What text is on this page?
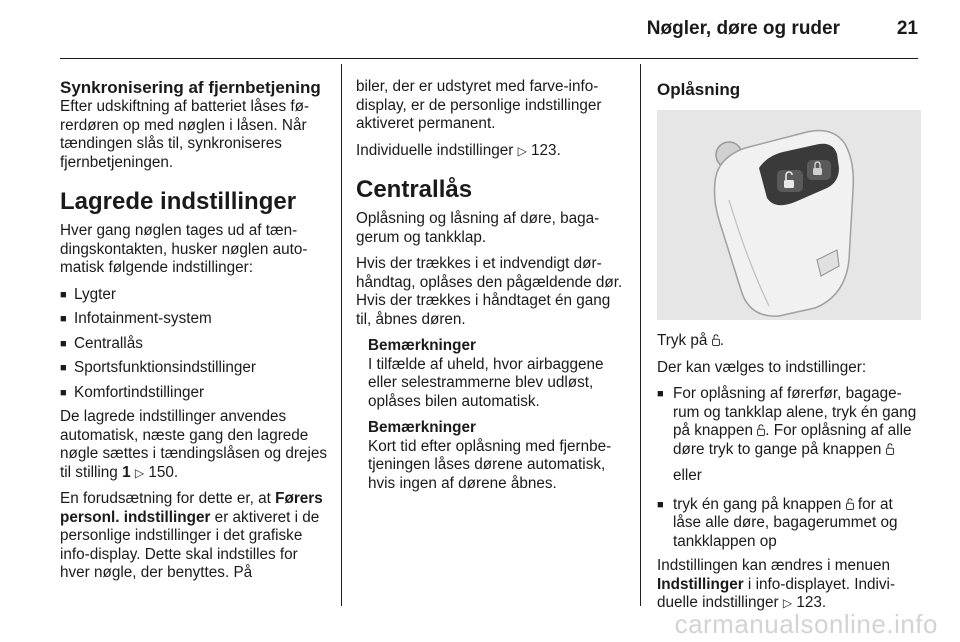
Nøgler, døre og ruder	21
Synkronisering af fjernbetjening

Efter udskiftning af batteriet låses førerdøren op med nøglen i låsen. Når tændingen slås til, synkroniseres fjernbetjeningen.

Lagrede indstillinger

Hver gang nøglen tages ud af tændingskontakten, husker nøglen automatisk følgende indstillinger:

■ Lygter
■ Infotainment-system
■ Centrallås
■ Sportsfunktionsindstillinger
■ Komfortindstillinger

De lagrede indstillinger anvendes automatisk, næste gang den lagrede nøgle sættes i tændingslåsen og drejes til stilling 1 ▷ 150.

En forudsætning for dette er, at Førers personl. indstillinger er aktiveret i de personlige indstillinger i det grafiske info-display. Dette skal indstilles for hver nøgle, der benyttes. På

biler, der er udstyret med farve-info-display, er de personlige indstillinger aktiveret permanent.

Individuelle indstillinger ▷ 123.

Centrallås

Oplåsning og låsning af døre, bagagerum og tankklap.

Hvis der trækkes i et indvendigt dørhåndtag, oplåses den pågældende dør. Hvis der trækkes i håndtaget én gang til, åbnes døren.

Bemærkninger
I tilfælde af uheld, hvor airbaggene eller selestrammerne blev udløst, oplåses bilen automatisk.
Bemærkninger
Kort tid efter oplåsning med fjernbetjeningen låses dørene automatisk, hvis ingen af dørene åbnes.
Oplåsning

Tryk på .

Der kan vælges to indstillinger:

■ For oplåsning af førerfør, bagagerum og tankklap alene, tryk én gang på knappen . For oplåsning af alle døre tryk to gange på knappen
eller
■ tryk én gang på knappen  for at låse alle døre, bagagerummet og tankklappen op

Indstillingen kan ændres i menuen Indstillinger i info-displayet. Individuelle indstillinger ▷ 123.

carmanualsonline.info
